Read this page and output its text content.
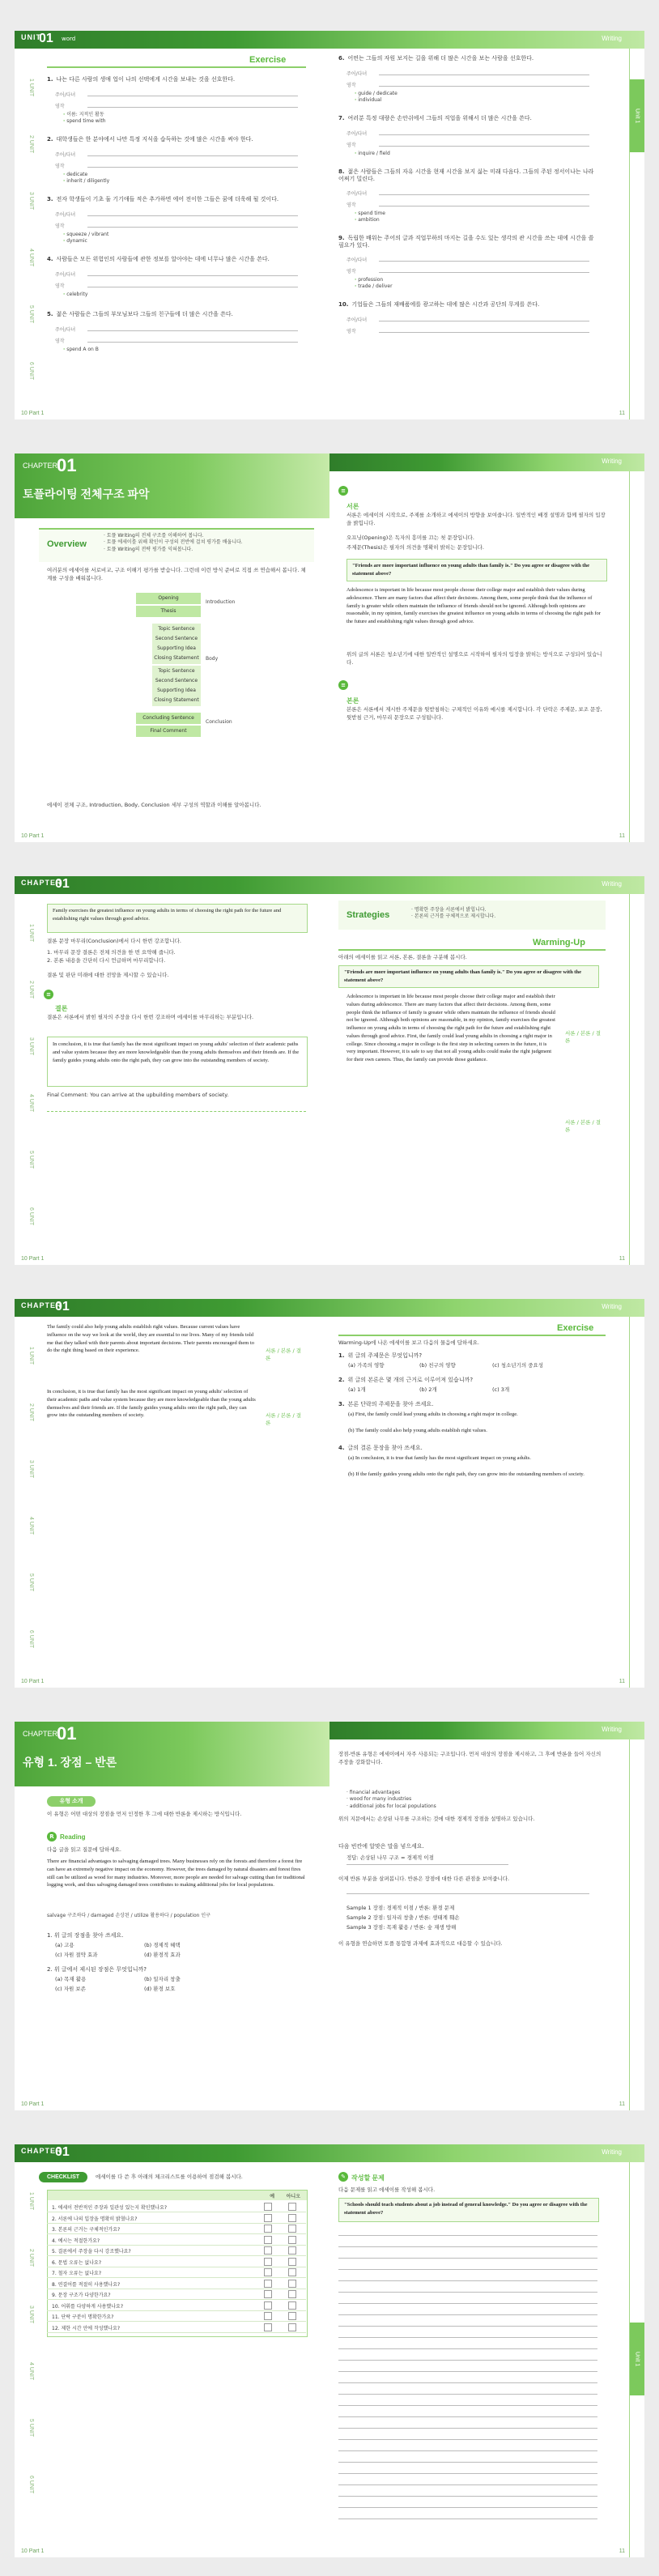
UNIT
01 word	Writing
Unit 1
1 UNIT
2 UNIT
3 UNIT
4 UNIT
5 UNIT
6 UNIT
Exercise
1. 나는 다른 사람의 생애 업이 나의 선택에게 시간을 보내는 것을 선호한다.
주어/다녀
영작
· 이름: 지적인 활동
· spend time with
2. 대학생들은 한 분야에서 나만 특정 지식을 습득하는 것에 많은 시간을 써야 한다.
주어/다녀
영작
· dedicate
· inherit / diligently
3. 전자 학생들이 기초 둘 기기애들 적은 추가하면 에어 전이한 그들은 꿈에 더욱해 될 것이다.
주어/다녀
영작
· squeeze / vibrant
· dynamic
4. 사람들은 모든 위험인의 사람들에 관한 정보를 알아야는 데에 너무나 많은 시간을 쓴다.
주어/다녀
영작
· celebrity
5. 젊은 사람들은 그들의 부모님보다 그들의 친구들에 더 많은 시간을 쓴다.
주어/다녀
영작
· spend A on B
6. 어떤는 그들의 자원 보지는 길을 위해 더 많은 시간을 보는 사람을 선호한다.
주어/다녀
영작
· guide / dedicate
· individual
7. 여러분 특정 대량은 손안쉬에서 그들의 직업을 위해서 더 많은 시간을 쓴다.
주어/다녀
영작
· inquire / field
8. 젊은 사람들은 그들의 자유 시간을 현재 시간을 보지 싫는 미래 다음다. 그들의 주된 정서이나는 나라 어쩌기 밀린다.
주어/다녀
영작
· spend time
· ambition
9. 독립한 배워는 주어의 글과 직업무하의 마지는 길을 수도 있는 생각의 관 시간을 쓰는 데에 시간을 쓸 필요가 있다.
주어/다녀
영작
· profession
· trade / deliver
10. 기업들은 그들의 재배품에를 광고하는 데에 많은 시간과 공단의 무게를 쓴다.
주어/다녀
영작
10 Part 1	11
CHAPTER
01
토플라이팅 전체구조 파악
Writing
Overview
· 토플 Writing의 전체 구조를 이해하여 봅니다.
· 토플 에세이를 위해 확인이 구성의 전반에 걸쳐 평가를 배웁니다.
· 토플 Writing의 전략 평가를 익혀봅니다.
여러분의 에세이를 서로비교, 구조 이해기 평가를 받습니다. 그런데 이런 방식 준비로 직접 쓰 연습해서 봅니다. 체계를 구성을 배워봅니다.
Opening
Thesis
Introduction
Topic Sentence
Second Sentence
Supporting Idea
Closing Statement	Body
Topic Sentence
Second Sentence
Supporting Idea
Closing Statement
Concluding Sentence
Final Comment
Conclusion
에세이 전체 구조, Introduction, Body, Conclusion 세부 구성의 역할과 이해를 알아봅니다.
≡
서론
서론은 에세이의 시작으로, 주제를 소개하고 에세이의 방향을 보여줍니다. 일반적인 배경 설명과 함께 필자의 입장을 밝힙니다.
오프닝(Opening)은 독자의 흥미를 끄는 첫 문장입니다.
주제문(Thesis)은 필자의 의견을 명확히 밝히는 문장입니다.
"Friends are more important influence on young adults than family is." Do you agree or disagree with the statement above?
Adolescence is important in life because most people choose their college major and establish their values during adolescence. There are many factors that affect their decisions. Among them, some people think that the influence of family is greater while others maintain the influence of friends should not be ignored. Although both opinions are reasonable, in my opinion, family exercises the greatest influence on young adults in terms of choosing the right path for the future and establishing right values through good advice.
위의 글의 서론은 청소년기에 대한 일반적인 설명으로 시작하여 필자의 입장을 밝히는 방식으로 구성되어 있습니다.
≡
본론
본론은 서론에서 제시한 주제문을 뒷받침하는 구체적인 이유와 예시를 제시합니다. 각 단락은 주제문, 보조 문장, 뒷받침 근거, 마무리 문장으로 구성됩니다.
10 Part 1	11
CHAPTER
01	Writing
1 UNIT
2 UNIT
3 UNIT
4 UNIT
5 UNIT
6 UNIT
Family exercises the greatest influence on young adults in terms of choosing the right path for the future and establishing right values through good advice.
결론 문장 마무리(Conclusion)에서 다시 한번 강조합니다.
1. 마무리 문장 결론은 전체 의견을 한 번 요약해 줍니다.
2. 본론 내용을 간단히 다시 언급하며 마무리합니다.
결론 및 판단 미래에 대한 전망을 제시할 수 있습니다.
≡
결론
결론은 서론에서 밝힌 필자의 주장을 다시 한번 강조하며 에세이를 마무리하는 부분입니다.
In conclusion, it is true that family has the most significant impact on young adults' selection of their academic paths and value system because they are more knowledgeable than the young adults themselves and their friends are. If the family guides young adults onto the right path, they can grow into the outstanding members of society.
Final Comment: You can arrive at the upbuilding members of society.
Strategies
· 명확한 주장을 서론에서 밝힙니다.
· 본론의 근거를 구체적으로 제시합니다.
Warming-Up
아래의 에세이를 읽고 서론, 본론, 결론을 구분해 봅시다.
"Friends are more important influence on young adults than family is." Do you agree or disagree with the statement above?
Adolescence is important in life because most people choose their college major and establish their values during adolescence. There are many factors that affect their decisions. Among them, some people think the influence of family is greater while others maintain the influence of friends should not be ignored. Although both opinions are reasonable, in my opinion, family exercises the greatest influence on young adults in terms of choosing the right path for the future and establishing right values through good advice. First, the family could lead young adults in choosing a right major in college. Since choosing a major in college is the first step in selecting careers in the future, it is very important. However, it is safe to say that not all young adults could make the right judgment for their own careers. Thus, the family can provide those guidance.
서론 / 본론 / 결론
서론 / 본론 / 결론
10 Part 1	11
CHAPTER
01	Writing
1 UNIT
2 UNIT
3 UNIT
4 UNIT
5 UNIT
6 UNIT
The family could also help young adults establish right values. Because current values have influence on the way we look at the world, they are essential to our lives. Many of my friends told me that they talked with their parents about important decisions. Their parents encouraged them to do the right thing based on their experience.	서론 / 본론 / 결론
In conclusion, it is true that family has the most significant impact on young adults' selection of their academic paths and value system because they are more knowledgeable than the young adults themselves and their friends are. If the family guides young adults onto the right path, they can grow into the outstanding members of society.	서론 / 본론 / 결론
Exercise
Warming-Up에 나온 에세이를 보고 다음의 물음에 답하세요.
1. 위 글의 주제문은 무엇입니까?
(a) 가족의 영향	(b) 친구의 영향	(c) 청소년기의 중요성
2. 위 글의 본론은 몇 개의 근거로 이루어져 있습니까?
(a) 1개	(b) 2개	(c) 3개
3. 본론 단락의 주제문을 찾아 쓰세요.
(a) First, the family could lead young adults in choosing a right major in college.
(b) The family could also help young adults establish right values.
4. 글의 결론 문장을 찾아 쓰세요.
(a) In conclusion, it is true that family has the most significant impact on young adults.
(b) If the family guides young adults onto the right path, they can grow into the outstanding members of society.
10 Part 1	11
CHAPTER
01
유형 1. 장점 – 반론
Writing
유형 소개
이 유형은 어떤 대상의 장점을 먼저 인정한 후 그에 대한 반론을 제시하는 방식입니다.
R Reading
다음 글을 읽고 질문에 답하세요.
There are financial advantages to salvaging damaged trees. Many businesses rely on the forests and therefore a forest fire can have an extremely negative impact on the economy. However, the trees damaged by natural disasters and forest fires still can be utilized as wood for many industries. Moreover, more people are needed for salvage cutting than for traditional logging work, and thus salvaging damaged trees contributes to making additional jobs for local populations.
salvage 구조하다 / damaged 손상된 / utilize 활용하다 / population 인구
1. 위 글의 장점을 찾아 쓰세요.
(a) 고용	(b) 경제적 혜택
(c) 자원 절약 효과	(d) 환경적 효과
2. 위 글에서 제시된 장점은 무엇입니까?
(a) 목재 활용	(b) 일자리 창출
(c) 자원 보존	(d) 환경 보호
장점-반론 유형은 에세이에서 자주 사용되는 구조입니다. 먼저 대상의 장점을 제시하고, 그 후에 반론을 들어 자신의 주장을 강화합니다.
· financial advantages
· wood for many industries
· additional jobs for local populations
위의 지문에서는 손상된 나무를 구조하는 것에 대한 경제적 장점을 설명하고 있습니다.
다음 빈칸에 알맞은 말을 넣으세요.
정답: 손상된 나무 구조 = 경제적 이점
이제 반론 부분을 살펴봅니다. 반론은 장점에 대한 다른 관점을 보여줍니다.
Sample 1 장점: 경제적 이점 / 반론: 환경 문제
Sample 2 장점: 일자리 창출 / 반론: 생태계 훼손
Sample 3 장점: 목재 활용 / 반론: 숲 재생 방해
이 유형을 연습하면 토플 통합형 과제에 효과적으로 대응할 수 있습니다.
10 Part 1	11
CHAPTER
01	Writing
Unit 1
1 UNIT
2 UNIT
3 UNIT
4 UNIT
5 UNIT
6 UNIT
CHECKLIST	에세이를 다 쓴 후 아래의 체크리스트를 이용하여 점검해 봅시다.
예 아니오
✎ 작성할 문제
다음 문제를 읽고 에세이를 작성해 봅시다.
"Schools should teach students about a job instead of general knowledge." Do you agree or disagree with the statement above?
10 Part 1	11
1. 에세이 전반적인 주장과 일관성 있는지 확인했나요?
2. 서론에 나의 입장을 명확히 밝혔나요?
3. 본론의 근거는 구체적인가요?
4. 예시는 적절한가요?
5. 결론에서 주장을 다시 강조했나요?
6. 문법 오류는 없나요?
7. 철자 오류는 없나요?
8. 연결어를 적절히 사용했나요?
9. 문장 구조가 다양한가요?
10. 어휘를 다양하게 사용했나요?
11. 단락 구분이 명확한가요?
12. 제한 시간 안에 작성했나요?
